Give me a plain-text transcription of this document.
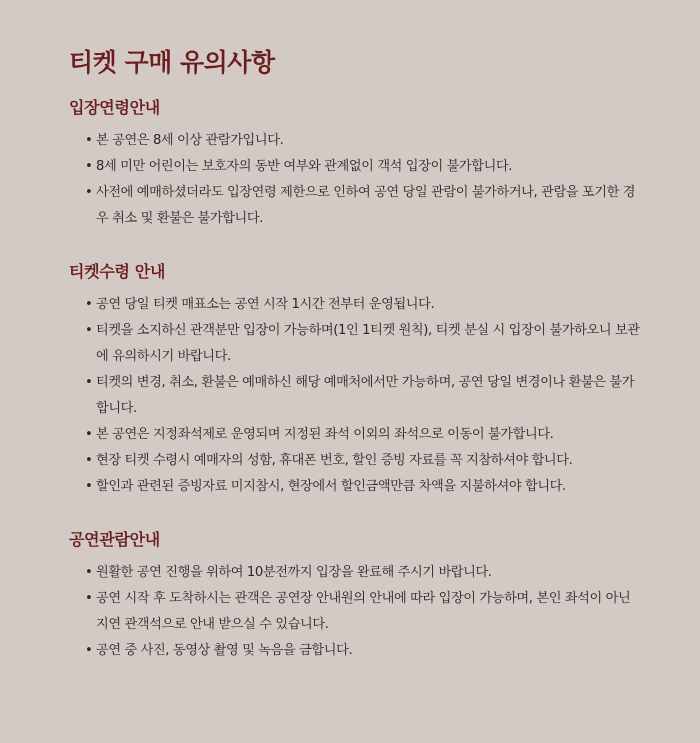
티켓 구매 유의사항
입장연령안내
• 본 공연은 8세 이상 관람가입니다.
• 8세 미만 어린이는 보호자의 동반 여부와 관계없이 객석 입장이 불가합니다.
• 사전에 예매하셨더라도 입장연령 제한으로 인하여 공연 당일 관람이 불가하거나, 관람을 포기한 경우 취소 및 환불은 불가합니다.
티켓수령 안내
• 공연 당일 티켓 매표소는 공연 시작 1시간 전부터 운영됩니다.
• 티켓을 소지하신 관객분만 입장이 가능하며(1인 1티켓 원칙), 티켓 분실 시 입장이 불가하오니 보관에 유의하시기 바랍니다.
• 티켓의 변경, 취소, 환불은 예매하신 해당 예매처에서만 가능하며, 공연 당일 변경이나 환불은 불가합니다.
• 본 공연은 지정좌석제로 운영되며 지정된 좌석 이외의 좌석으로 이동이 불가합니다.
• 현장 티켓 수령시 예매자의 성함, 휴대폰 번호, 할인 증빙 자료를 꼭 지참하셔야 합니다.
• 할인과 관련된 증빙자료 미지참시, 현장에서 할인금액만큼 차액을 지불하셔야 합니다.
공연관람안내
• 원활한 공연 진행을 위하여 10분전까지 입장을 완료해 주시기 바랍니다.
• 공연 시작 후 도착하시는 관객은 공연장 안내원의 안내에 따라 입장이 가능하며, 본인 좌석이 아닌 지연 관객석으로 안내 받으실 수 있습니다.
• 공연 중 사진, 동영상 촬영 및 녹음을 금합니다.
